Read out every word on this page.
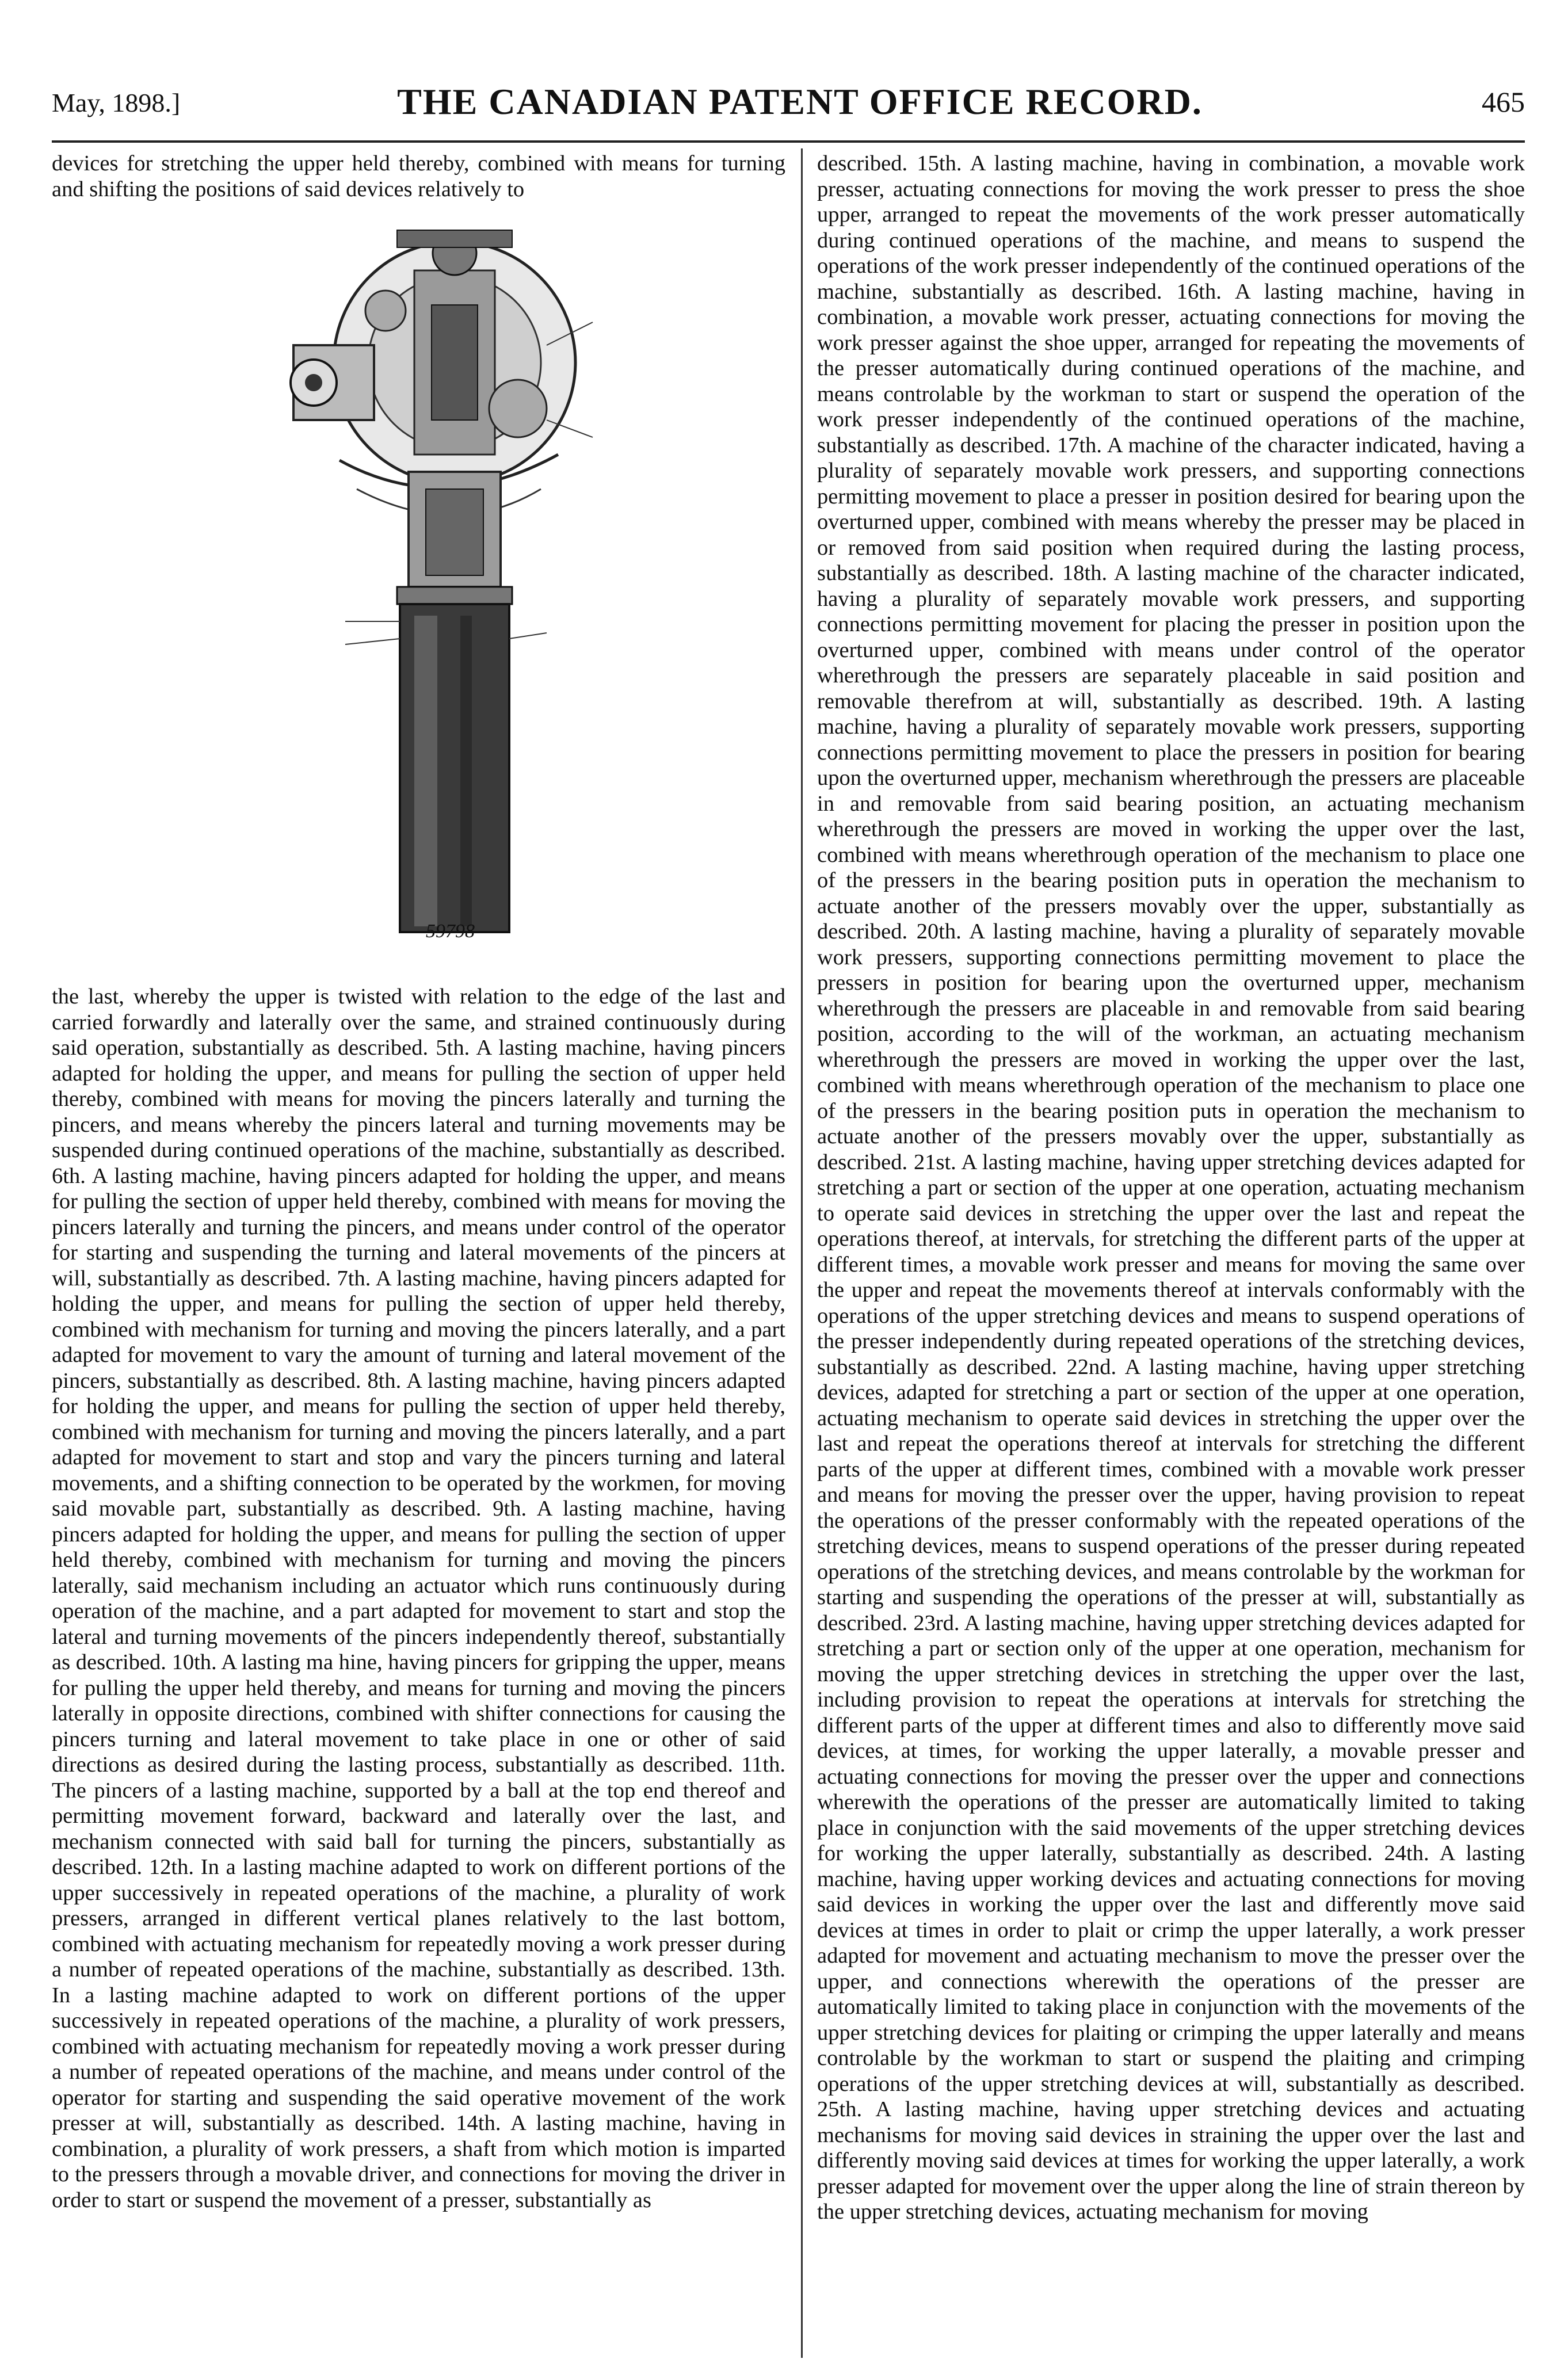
May, 1898.]	THE CANADIAN PATENT OFFICE RECORD.	465

devices for stretching the upper held thereby, combined with means for turning and shifting the positions of said devices relatively to

59798

the last, whereby the upper is twisted with relation to the edge of the last and carried forwardly and laterally over the same, and strained continuously during said operation, substantially as described. 5th. A lasting machine, having pincers adapted for holding the upper, and means for pulling the section of upper held thereby, combined with means for moving the pincers laterally and turning the pincers, and means whereby the pincers lateral and turning movements may be suspended during continued operations of the machine, substantially as described. 6th. A lasting machine, having pincers adapted for holding the upper, and means for pulling the section of upper held thereby, combined with means for moving the pincers laterally and turning the pincers, and means under control of the operator for starting and suspending the turning and lateral movements of the pincers at will, substantially as described. 7th. A lasting machine, having pincers adapted for holding the upper, and means for pulling the section of upper held thereby, combined with mechanism for turning and moving the pincers laterally, and a part adapted for movement to vary the amount of turning and lateral movement of the pincers, substantially as described. 8th. A lasting machine, having pincers adapted for holding the upper, and means for pulling the section of upper held thereby, combined with mechanism for turning and moving the pincers laterally, and a part adapted for movement to start and stop and vary the pincers turning and lateral movements, and a shifting connection to be operated by the workmen, for moving said movable part, substantially as described. 9th. A lasting machine, having pincers adapted for holding the upper, and means for pulling the section of upper held thereby, combined with mechanism for turning and moving the pincers laterally, said mechanism including an actuator which runs continuously during operation of the machine, and a part adapted for movement to start and stop the lateral and turning movements of the pincers independently thereof, substantially as described. 10th. A lasting ma hine, having pincers for gripping the upper, means for pulling the upper held thereby, and means for turning and moving the pincers laterally in opposite directions, combined with shifter connections for causing the pincers turning and lateral movement to take place in one or other of said directions as desired during the lasting process, substantially as described. 11th. The pincers of a lasting machine, supported by a ball at the top end thereof and permitting movement forward, backward and laterally over the last, and mechanism connected with said ball for turning the pincers, substantially as described. 12th. In a lasting machine adapted to work on different portions of the upper successively in repeated operations of the machine, a plurality of work pressers, arranged in different vertical planes relatively to the last bottom, combined with actuating mechanism for repeatedly moving a work presser during a number of repeated operations of the machine, substantially as described. 13th. In a lasting machine adapted to work on different portions of the upper successively in repeated operations of the machine, a plurality of work pressers, combined with actuating mechanism for repeatedly moving a work presser during a number of repeated operations of the machine, and means under control of the operator for starting and suspending the said operative movement of the work presser at will, substantially as described. 14th. A lasting machine, having in combination, a plurality of work pressers, a shaft from which motion is imparted to the pressers through a movable driver, and connections for moving the driver in order to start or suspend the movement of a presser, substantially as

described. 15th. A lasting machine, having in combination, a movable work presser, actuating connections for moving the work presser to press the shoe upper, arranged to repeat the movements of the work presser automatically during continued operations of the machine, and means to suspend the operations of the work presser independently of the continued operations of the machine, substantially as described. 16th. A lasting machine, having in combination, a movable work presser, actuating connections for moving the work presser against the shoe upper, arranged for repeating the movements of the presser automatically during continued operations of the machine, and means controlable by the workman to start or suspend the operation of the work presser independently of the continued operations of the machine, substantially as described. 17th. A machine of the character indicated, having a plurality of separately movable work pressers, and supporting connections permitting movement to place a presser in position desired for bearing upon the overturned upper, combined with means whereby the presser may be placed in or removed from said position when required during the lasting process, substantially as described. 18th. A lasting machine of the character indicated, having a plurality of separately movable work pressers, and supporting connections permitting movement for placing the presser in position upon the overturned upper, combined with means under control of the operator wherethrough the pressers are separately placeable in said position and removable therefrom at will, substantially as described. 19th. A lasting machine, having a plurality of separately movable work pressers, supporting connections permitting movement to place the pressers in position for bearing upon the overturned upper, mechanism wherethrough the pressers are placeable in and removable from said bearing position, an actuating mechanism wherethrough the pressers are moved in working the upper over the last, combined with means wherethrough operation of the mechanism to place one of the pressers in the bearing position puts in operation the mechanism to actuate another of the pressers movably over the upper, substantially as described. 20th. A lasting machine, having a plurality of separately movable work pressers, supporting connections permitting movement to place the pressers in position for bearing upon the overturned upper, mechanism wherethrough the pressers are placeable in and removable from said bearing position, according to the will of the workman, an actuating mechanism wherethrough the pressers are moved in working the upper over the last, combined with means wherethrough operation of the mechanism to place one of the pressers in the bearing position puts in operation the mechanism to actuate another of the pressers movably over the upper, substantially as described. 21st. A lasting machine, having upper stretching devices adapted for stretching a part or section of the upper at one operation, actuating mechanism to operate said devices in stretching the upper over the last and repeat the operations thereof, at intervals, for stretching the different parts of the upper at different times, a movable work presser and means for moving the same over the upper and repeat the movements thereof at intervals conformably with the operations of the upper stretching devices and means to suspend operations of the presser independently during repeated operations of the stretching devices, substantially as described. 22nd. A lasting machine, having upper stretching devices, adapted for stretching a part or section of the upper at one operation, actuating mechanism to operate said devices in stretching the upper over the last and repeat the operations thereof at intervals for stretching the different parts of the upper at different times, combined with a movable work presser and means for moving the presser over the upper, having provision to repeat the operations of the presser conformably with the repeated operations of the stretching devices, means to suspend operations of the presser during repeated operations of the stretching devices, and means controlable by the workman for starting and suspending the operations of the presser at will, substantially as described. 23rd. A lasting machine, having upper stretching devices adapted for stretching a part or section only of the upper at one operation, mechanism for moving the upper stretching devices in stretching the upper over the last, including provision to repeat the operations at intervals for stretching the different parts of the upper at different times and also to differently move said devices, at times, for working the upper laterally, a movable presser and actuating connections for moving the presser over the upper and connections wherewith the operations of the presser are automatically limited to taking place in conjunction with the said movements of the upper stretching devices for working the upper laterally, substantially as described. 24th. A lasting machine, having upper working devices and actuating connections for moving said devices in working the upper over the last and differently move said devices at times in order to plait or crimp the upper laterally, a work presser adapted for movement and actuating mechanism to move the presser over the upper, and connections wherewith the operations of the presser are automatically limited to taking place in conjunction with the movements of the upper stretching devices for plaiting or crimping the upper laterally and means controlable by the workman to start or suspend the plaiting and crimping operations of the upper stretching devices at will, substantially as described. 25th. A lasting machine, having upper stretching devices and actuating mechanisms for moving said devices in straining the upper over the last and differently moving said devices at times for working the upper laterally, a work presser adapted for movement over the upper along the line of strain thereon by the upper stretching devices, actuating mechanism for moving
